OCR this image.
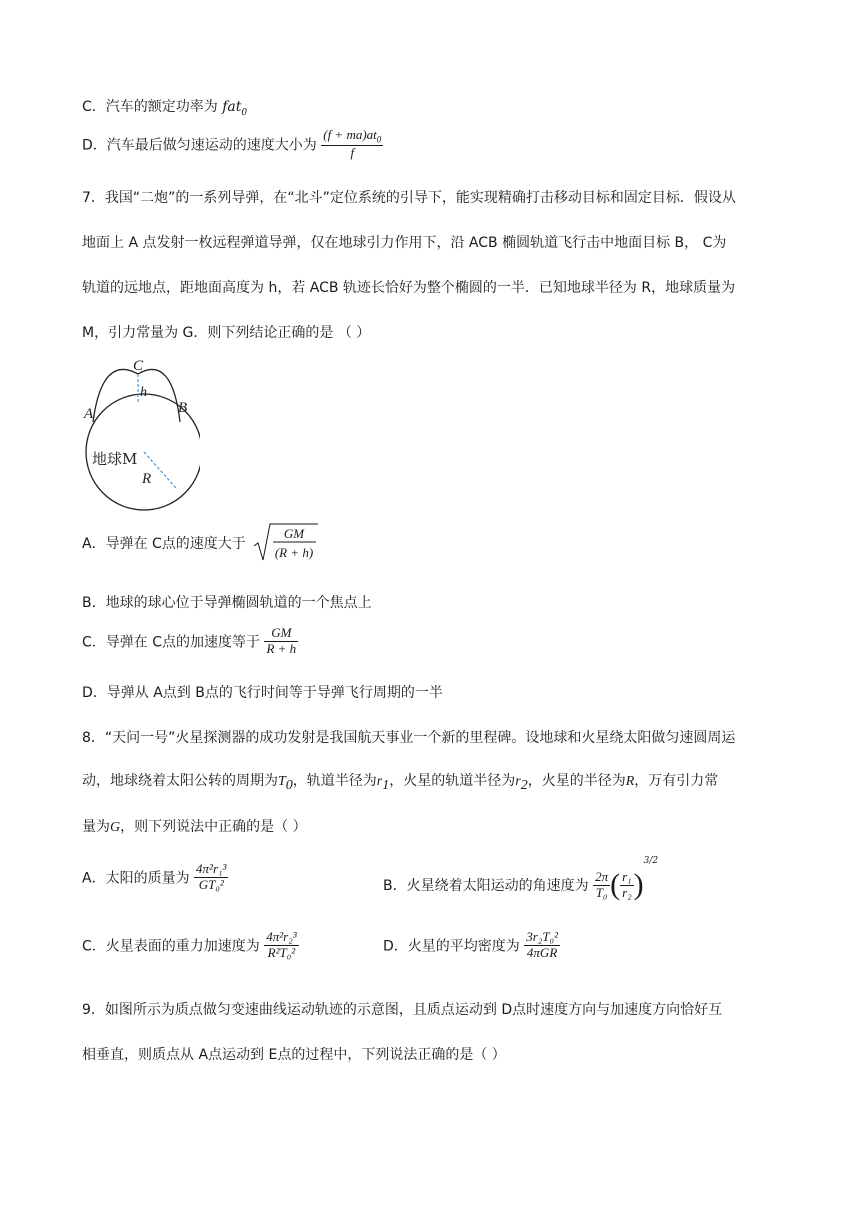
C．汽车的额定功率为 fat$_0$
D．汽车最后做匀速运动的速度大小为 $\frac{(f + ma)at_0}{f}$
7．我国“二炮”的一系列导弹，在“北斗”定位系统的引导下，能实现精确打击移动目标和固定目标．假设从
地面上 A 点发射一枚远程弹道导弹，仅在地球引力作用下，沿 ACB 椭圆轨道飞行击中地面目标 B， C为
轨道的远地点，距地面高度为 h，若 ACB 轨迹长恰好为整个椭圆的一半．已知地球半径为 R，地球质量为
M，引力常量为 G．则下列结论正确的是 （ ）
C
h
A	B
地球M
R
A．导弹在 C点的速度大于
GM
(R + h)
B．地球的球心位于导弹椭圆轨道的一个焦点上
C．导弹在 C点的加速度等于 $\frac{GM}{R + h}$
D．导弹从 A点到 B点的飞行时间等于导弹飞行周期的一半
8．“天问一号”火星探测器的成功发射是我国航天事业一个新的里程碑。设地球和火星绕太阳做匀速圆周运
动，地球绕着太阳公转的周期为$T_0$，轨道半径为$r_1$，火星的轨道半径为$r_2$，火星的半径为R，万有引力常
量为G，则下列说法中正确的是（ ）
A．太阳的质量为 $\frac{\text{4π²r₁³}}{\text{GT₀²}}$	B．火星绕着太阳运动的角速度为 $\frac{2\pi}{\text{T₀}}$ ( $\frac{\text{r₁}}{\text{r₂}} )^{3/2}$
C．火星表面的重力加速度为 $\frac{\text{4π²r₂³}}{\text{R²T₀²}}$	D．火星的平均密度为 $\frac{\text{3r₂T₀²}}{\text{4πGR}}$
9．如图所示为质点做匀变速曲线运动轨迹的示意图，且质点运动到 D点时速度方向与加速度方向恰好互
相垂直，则质点从 A点运动到 E点的过程中，下列说法正确的是（ ）
